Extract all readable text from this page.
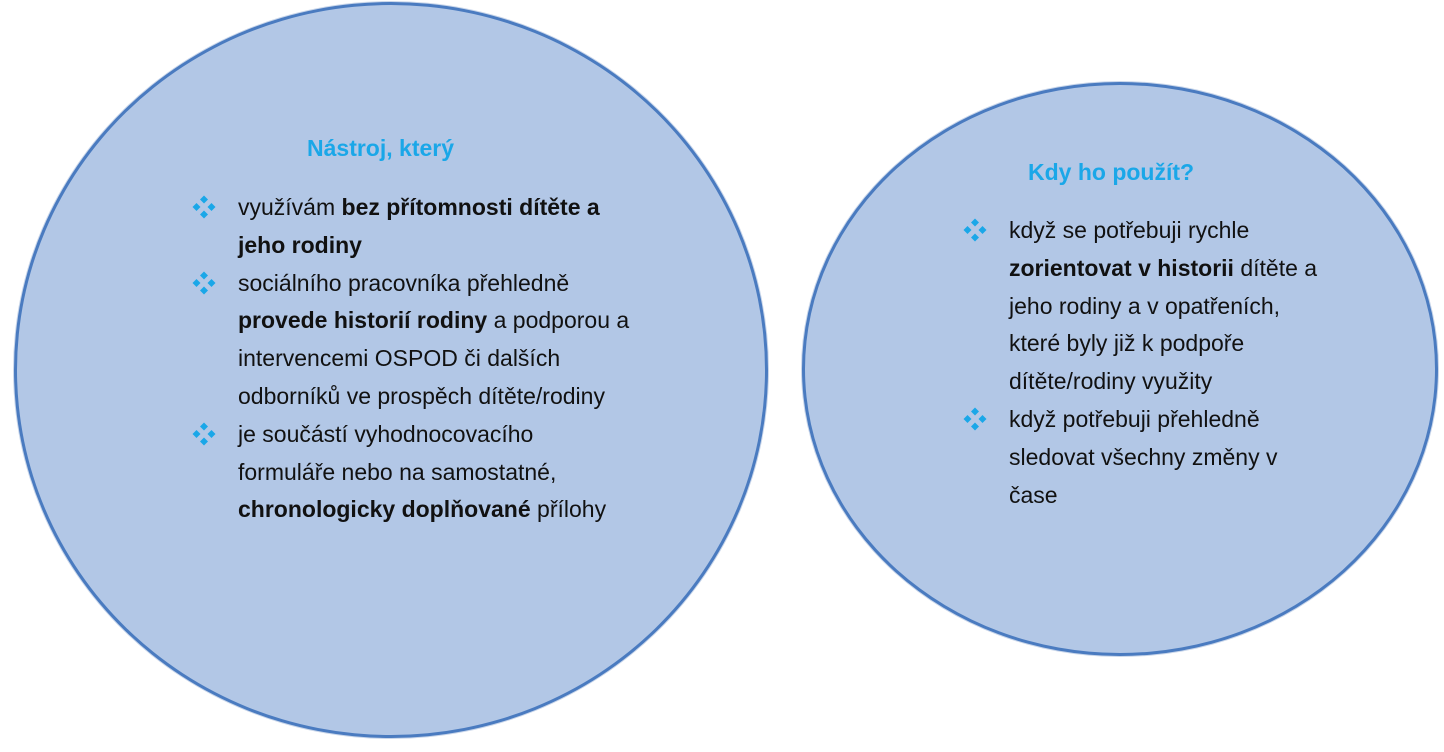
Nástroj, který
využívám bez přítomnosti dítěte a jeho rodiny
sociálního pracovníka přehledně provede historií rodiny a podporou a intervencemi OSPOD či dalších odborníků ve prospěch dítěte/rodiny
je součástí vyhodnocovacího formuláře nebo na samostatné, chronologicky doplňované přílohy
Kdy ho použít?
když se potřebuji rychle zorientovat v historii dítěte a jeho rodiny a v opatřeních, které byly již k podpoře dítěte/rodiny využity
když potřebuji přehledně sledovat všechny změny v čase
